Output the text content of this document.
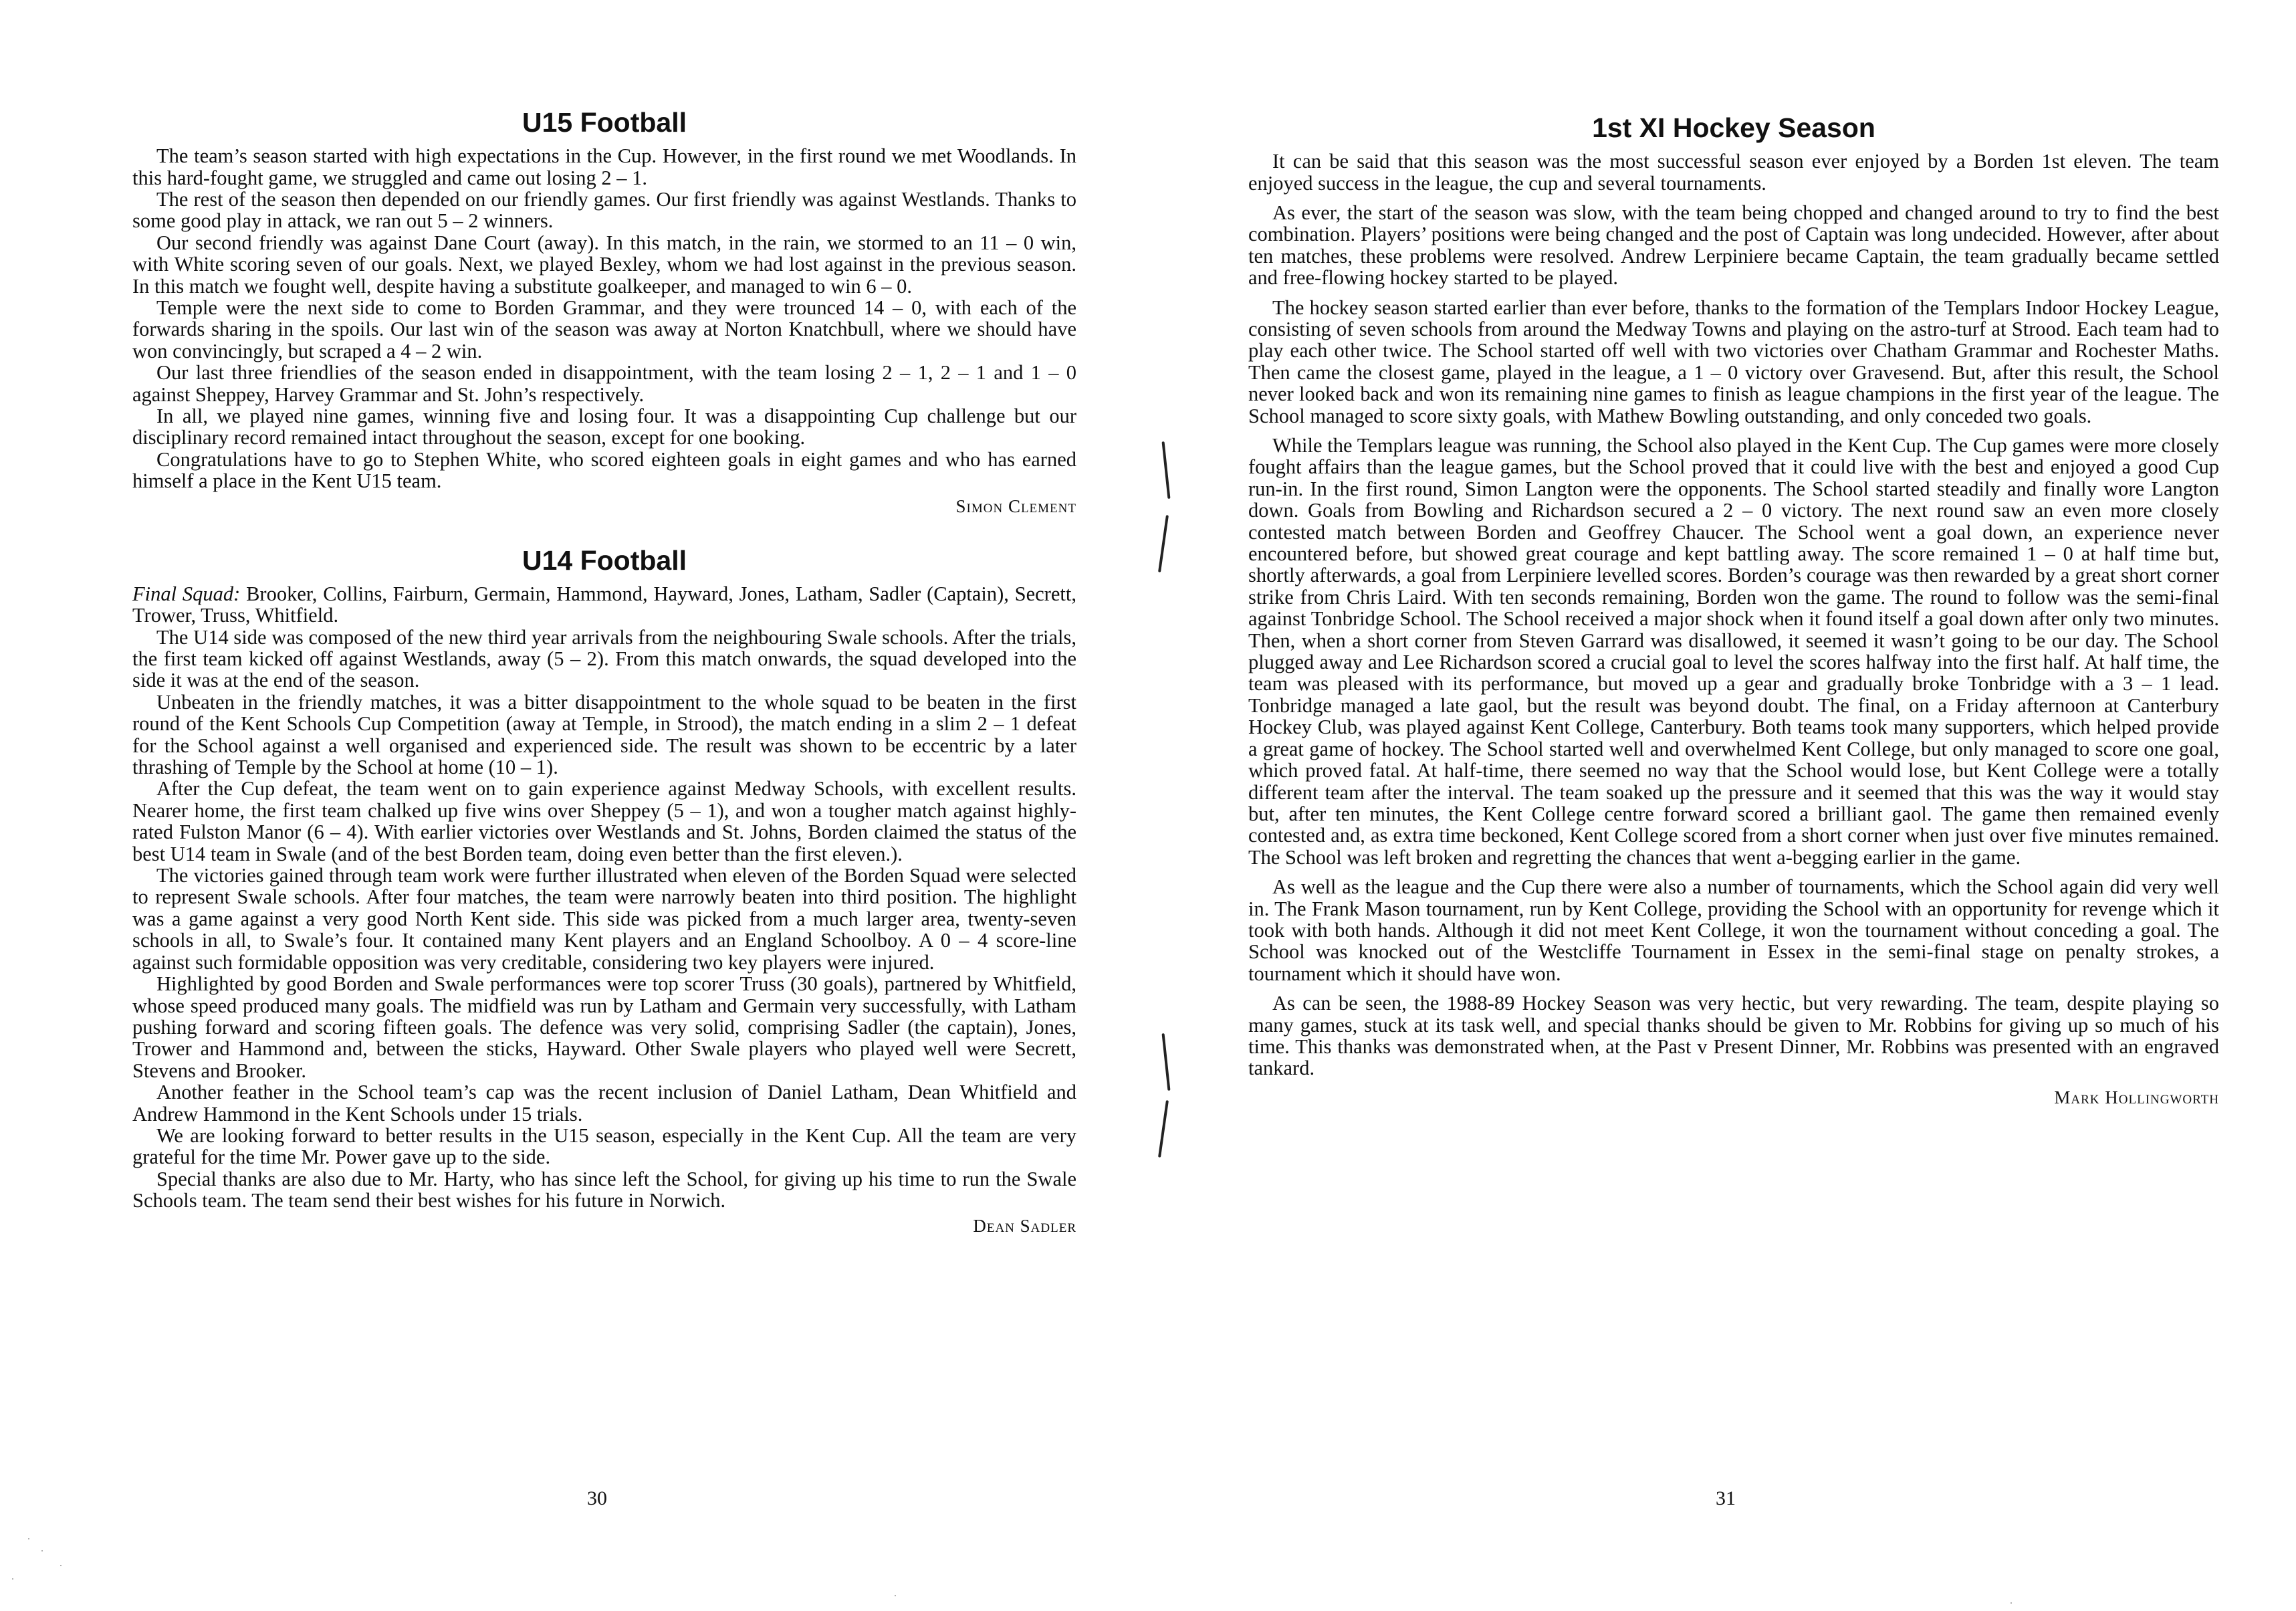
U15 Football

The team’s season started with high expectations in the Cup. However, in the first round we met Woodlands. In this hard-fought game, we struggled and came out losing 2 – 1.

The rest of the season then depended on our friendly games. Our first friendly was against Westlands. Thanks to some good play in attack, we ran out 5 – 2 winners.

Our second friendly was against Dane Court (away). In this match, in the rain, we stormed to an 11 – 0 win, with White scoring seven of our goals. Next, we played Bexley, whom we had lost against in the previous season. In this match we fought well, despite having a substitute goalkeeper, and managed to win 6 – 0.

Temple were the next side to come to Borden Grammar, and they were trounced 14 – 0, with each of the forwards sharing in the spoils. Our last win of the season was away at Norton Knatchbull, where we should have won convincingly, but scraped a 4 – 2 win.

Our last three friendlies of the season ended in disappointment, with the team losing 2 – 1, 2 – 1 and 1 – 0 against Sheppey, Harvey Grammar and St. John’s respectively.

In all, we played nine games, winning five and losing four. It was a disappointing Cup challenge but our disciplinary record remained intact throughout the season, except for one booking.

Congratulations have to go to Stephen White, who scored eighteen goals in eight games and who has earned himself a place in the Kent U15 team.

Simon Clement
U14 Football

Final Squad: Brooker, Collins, Fairburn, Germain, Hammond, Hayward, Jones, Latham, Sadler (Captain), Secrett, Trower, Truss, Whitfield.

The U14 side was composed of the new third year arrivals from the neighbouring Swale schools. After the trials, the first team kicked off against Westlands, away (5 – 2). From this match onwards, the squad developed into the side it was at the end of the season.

Unbeaten in the friendly matches, it was a bitter disappointment to the whole squad to be beaten in the first round of the Kent Schools Cup Competition (away at Temple, in Strood), the match ending in a slim 2 – 1 defeat for the School against a well organised and experienced side. The result was shown to be eccentric by a later thrashing of Temple by the School at home (10 – 1).

After the Cup defeat, the team went on to gain experience against Medway Schools, with excellent results. Nearer home, the first team chalked up five wins over Sheppey (5 – 1), and won a tougher match against highly-rated Fulston Manor (6 – 4). With earlier victories over Westlands and St. Johns, Borden claimed the status of the best U14 team in Swale (and of the best Borden team, doing even better than the first eleven.).

The victories gained through team work were further illustrated when eleven of the Borden Squad were selected to represent Swale schools. After four matches, the team were narrowly beaten into third position. The highlight was a game against a very good North Kent side. This side was picked from a much larger area, twenty-seven schools in all, to Swale’s four. It contained many Kent players and an England Schoolboy. A 0 – 4 score-line against such formidable opposition was very creditable, considering two key players were injured.

Highlighted by good Borden and Swale performances were top scorer Truss (30 goals), partnered by Whitfield, whose speed produced many goals. The midfield was run by Latham and Germain very successfully, with Latham pushing forward and scoring fifteen goals. The defence was very solid, comprising Sadler (the captain), Jones, Trower and Hammond and, between the sticks, Hayward. Other Swale players who played well were Secrett, Stevens and Brooker.

Another feather in the School team’s cap was the recent inclusion of Daniel Latham, Dean Whitfield and Andrew Hammond in the Kent Schools under 15 trials.

We are looking forward to better results in the U15 season, especially in the Kent Cup. All the team are very grateful for the time Mr. Power gave up to the side.

Special thanks are also due to Mr. Harty, who has since left the School, for giving up his time to run the Swale Schools team. The team send their best wishes for his future in Norwich.

Dean Sadler
30
1st XI Hockey Season

It can be said that this season was the most successful season ever enjoyed by a Borden 1st eleven. The team enjoyed success in the league, the cup and several tournaments.

As ever, the start of the season was slow, with the team being chopped and changed around to try to find the best combination. Players’ positions were being changed and the post of Captain was long undecided. However, after about ten matches, these problems were resolved. Andrew Lerpiniere became Captain, the team gradually became settled and free-flowing hockey started to be played.

The hockey season started earlier than ever before, thanks to the formation of the Templars Indoor Hockey League, consisting of seven schools from around the Medway Towns and playing on the astro-turf at Strood. Each team had to play each other twice. The School started off well with two victories over Chatham Grammar and Rochester Maths. Then came the closest game, played in the league, a 1 – 0 victory over Gravesend. But, after this result, the School never looked back and won its remaining nine games to finish as league champions in the first year of the league. The School managed to score sixty goals, with Mathew Bowling outstanding, and only conceded two goals.

While the Templars league was running, the School also played in the Kent Cup. The Cup games were more closely fought affairs than the league games, but the School proved that it could live with the best and enjoyed a good Cup run-in. In the first round, Simon Langton were the opponents. The School started steadily and finally wore Langton down. Goals from Bowling and Richardson secured a 2 – 0 victory. The next round saw an even more closely contested match between Borden and Geoffrey Chaucer. The School went a goal down, an experience never encountered before, but showed great courage and kept battling away. The score remained 1 – 0 at half time but, shortly afterwards, a goal from Lerpiniere levelled scores. Borden’s courage was then rewarded by a great short corner strike from Chris Laird. With ten seconds remaining, Borden won the game. The round to follow was the semi-final against Tonbridge School. The School received a major shock when it found itself a goal down after only two minutes. Then, when a short corner from Steven Garrard was disallowed, it seemed it wasn’t going to be our day. The School plugged away and Lee Richardson scored a crucial goal to level the scores halfway into the first half. At half time, the team was pleased with its performance, but moved up a gear and gradually broke Tonbridge with a 3 – 1 lead. Tonbridge managed a late gaol, but the result was beyond doubt. The final, on a Friday afternoon at Canterbury Hockey Club, was played against Kent College, Canterbury. Both teams took many supporters, which helped provide a great game of hockey. The School started well and overwhelmed Kent College, but only managed to score one goal, which proved fatal. At half-time, there seemed no way that the School would lose, but Kent College were a totally different team after the interval. The team soaked up the pressure and it seemed that this was the way it would stay but, after ten minutes, the Kent College centre forward scored a brilliant gaol. The game then remained evenly contested and, as extra time beckoned, Kent College scored from a short corner when just over five minutes remained. The School was left broken and regretting the chances that went a-begging earlier in the game.

As well as the league and the Cup there were also a number of tournaments, which the School again did very well in. The Frank Mason tournament, run by Kent College, providing the School with an opportunity for revenge which it took with both hands. Although it did not meet Kent College, it won the tournament without conceding a goal. The School was knocked out of the Westcliffe Tournament in Essex in the semi-final stage on penalty strokes, a tournament which it should have won.

As can be seen, the 1988-89 Hockey Season was very hectic, but very rewarding. The team, despite playing so many games, stuck at its task well, and special thanks should be given to Mr. Robbins for giving up so much of his time. This thanks was demonstrated when, at the Past v Present Dinner, Mr. Robbins was presented with an engraved tankard.

Mark Hollingworth
31
